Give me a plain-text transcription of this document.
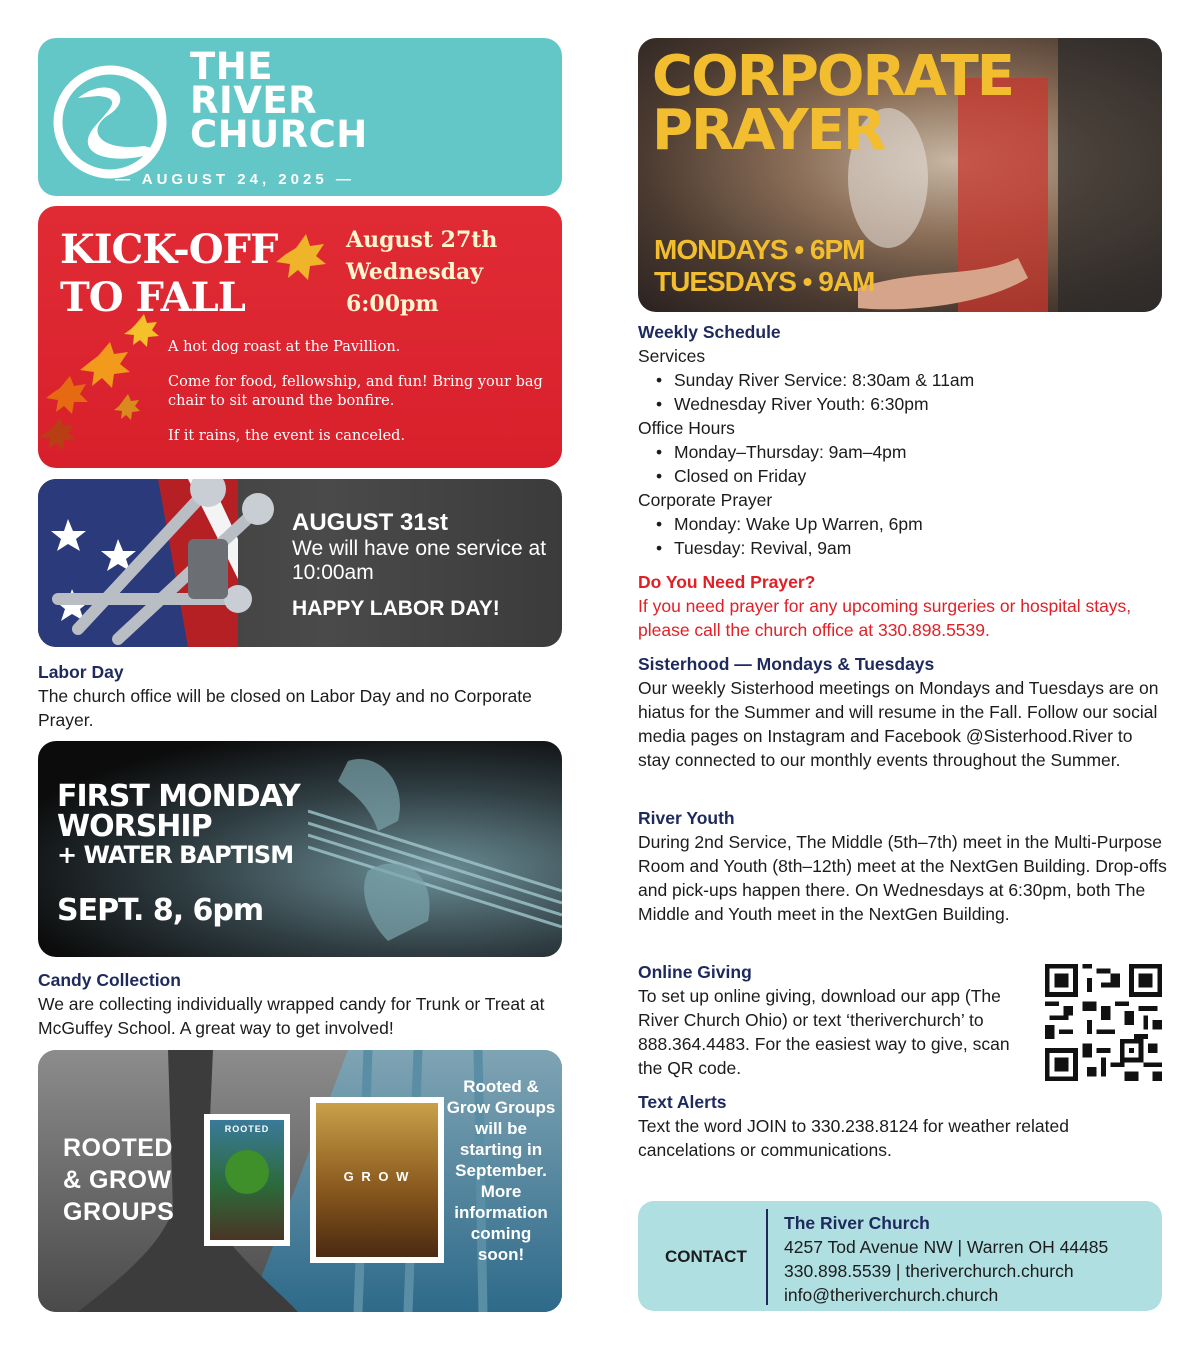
THE
RIVER
CHURCH
— AUGUST 24, 2025 —
KICK-OFF
TO FALL
August 27th
Wednesday
6:00pm

A hot dog roast at the Pavillion.

Come for food, fellowship, and fun! Bring your bag chair to sit around the bonfire.

If it rains, the event is canceled.

AUGUST 31st
We will have one service at 10:00am
HAPPY LABOR DAY!
Labor Day
The church office will be closed on Labor Day and no Corporate Prayer.
FIRST MONDAY
WORSHIP
+ WATER BAPTISM
SEPT. 8, 6pm
Candy Collection
We are collecting individually wrapped candy for Trunk or Treat at McGuffey School. A great way to get involved!
ROOTED
& GROW
GROUPS
ROOTED
G R O W
Rooted & Grow Groups will be starting in September. More information coming soon!
CORPORATE
PRAYER
MONDAYS • 6PM
TUESDAYS • 9AM
Weekly Schedule
Services
• Sunday River Service: 8:30am & 11am
• Wednesday River Youth: 6:30pm
Office Hours
• Monday–Thursday: 9am–4pm
• Closed on Friday
Corporate Prayer
• Monday: Wake Up Warren, 6pm
• Tuesday: Revival, 9am
Do You Need Prayer?
If you need prayer for any upcoming surgeries or hospital stays, please call the church office at 330.898.5539.
Sisterhood — Mondays & Tuesdays
Our weekly Sisterhood meetings on Mondays and Tuesdays are on hiatus for the Summer and will resume in the Fall. Follow our social media pages on Instagram and Facebook @Sisterhood.River to stay connected to our monthly events throughout the Summer.
River Youth
During 2nd Service, The Middle (5th–7th) meet in the Multi-Purpose Room and Youth (8th–12th) meet at the NextGen Building. Drop-offs and pick-ups happen there. On Wednesdays at 6:30pm, both The Middle and Youth meet in the NextGen Building.
Online Giving
To set up online giving, download our app (The River Church Ohio) or text ‘theriverchurch’ to 888.364.4483. For the easiest way to give, scan the QR code.
Text Alerts
Text the word JOIN to 330.238.8124 for weather related cancelations or communications.
CONTACT
The River Church
4257 Tod Avenue NW | Warren OH 44485
330.898.5539 | theriverchurch.church
info@theriverchurch.church
